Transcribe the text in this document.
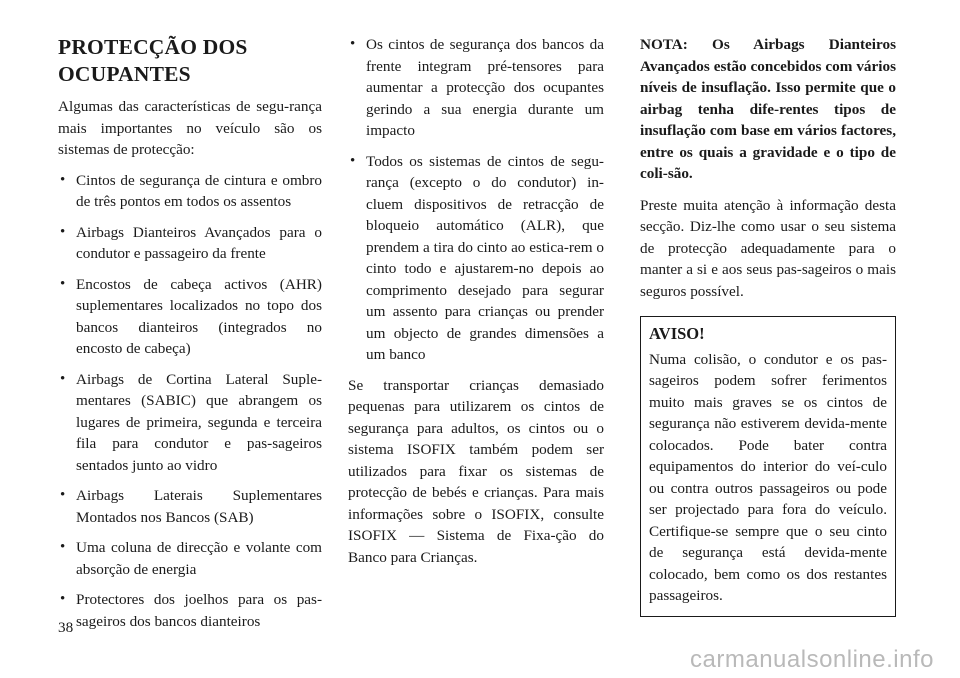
PROTECÇÃO DOS
OCUPANTES

Algumas das características de segu-rança mais importantes no veículo são os sistemas de protecção:

• Cintos de segurança de cintura e ombro de três pontos em todos os assentos
• Airbags Dianteiros Avançados para o condutor e passageiro da frente
• Encostos de cabeça activos (AHR) suplementares localizados no topo dos bancos dianteiros (integrados no encosto de cabeça)
• Airbags de Cortina Lateral Suple-mentares (SABIC) que abrangem os lugares de primeira, segunda e terceira fila para condutor e pas-sageiros sentados junto ao vidro
• Airbags Laterais Suplementares Montados nos Bancos (SAB)
• Uma coluna de direcção e volante com absorção de energia
• Protectores dos joelhos para os pas-sageiros dos bancos dianteiros
• Os cintos de segurança dos bancos da frente integram pré-tensores para aumentar a protecção dos ocupantes gerindo a sua energia durante um impacto
• Todos os sistemas de cintos de segu-rança (excepto o do condutor) in-cluem dispositivos de retracção de bloqueio automático (ALR), que prendem a tira do cinto ao estica-rem o cinto todo e ajustarem-no depois ao comprimento desejado para segurar um assento para crianças ou prender um objecto de grandes dimensões a um banco

Se transportar crianças demasiado pequenas para utilizarem os cintos de segurança para adultos, os cintos ou o sistema ISOFIX também podem ser utilizados para fixar os sistemas de protecção de bebés e crianças. Para mais informações sobre o ISOFIX, consulte ISOFIX — Sistema de Fixa-ção do Banco para Crianças.

NOTA: Os Airbags Dianteiros Avançados estão concebidos com vários níveis de insuflação. Isso permite que o airbag tenha dife-rentes tipos de insuflação com base em vários factores, entre os quais a gravidade e o tipo de coli-são.

Preste muita atenção à informação desta secção. Diz-lhe como usar o seu sistema de protecção adequadamente para o manter a si e aos seus pas-sageiros o mais seguros possível.

AVISO!

Numa colisão, o condutor e os pas-sageiros podem sofrer ferimentos muito mais graves se os cintos de segurança não estiverem devida-mente colocados. Pode bater contra equipamentos do interior do veí-culo ou contra outros passageiros ou pode ser projectado para fora do veículo. Certifique-se sempre que o seu cinto de segurança está devida-mente colocado, bem como os dos restantes passageiros.

38
carmanualsonline.info
